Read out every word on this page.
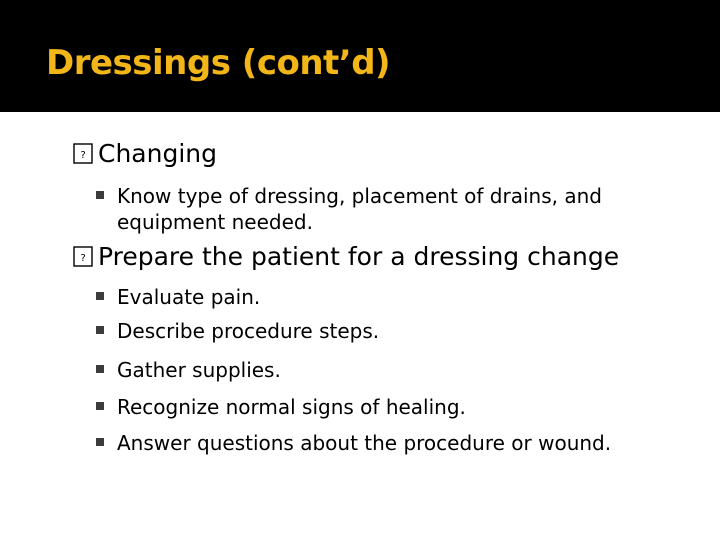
Dressings (cont’d)
? Changing
Know type of dressing, placement of drains, and equipment needed.
? Prepare the patient for a dressing change
Evaluate pain.
Describe procedure steps.
Gather supplies.
Recognize normal signs of healing.
Answer questions about the procedure or wound.
